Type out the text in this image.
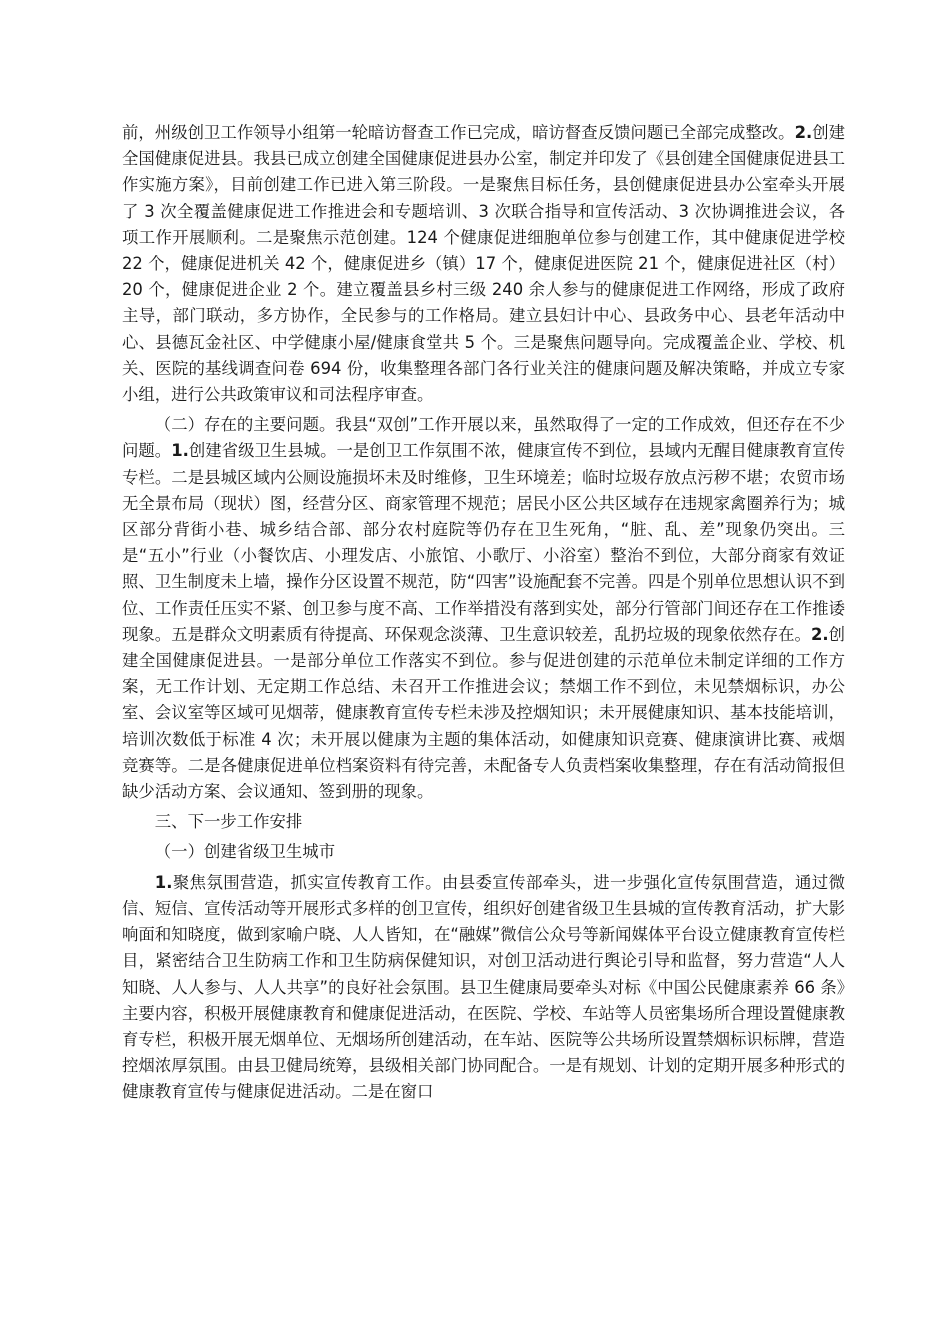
前，州级创卫工作领导小组第一轮暗访督查工作已完成，暗访督查反馈问题已全部完成整改。2.创建全国健康促进县。我县已成立创建全国健康促进县办公室，制定并印发了《县创建全国健康促进县工作实施方案》，目前创建工作已进入第三阶段。一是聚焦目标任务，县创健康促进县办公室牵头开展了 3 次全覆盖健康促进工作推进会和专题培训、3 次联合指导和宣传活动、3 次协调推进会议，各项工作开展顺利。二是聚焦示范创建。124 个健康促进细胞单位参与创建工作，其中健康促进学校 22 个，健康促进机关 42 个，健康促进乡（镇）17 个，健康促进医院 21 个，健康促进社区（村）20 个，健康促进企业 2 个。建立覆盖县乡村三级 240 余人参与的健康促进工作网络，形成了政府主导，部门联动，多方协作，全民参与的工作格局。建立县妇计中心、县政务中心、县老年活动中心、县德瓦金社区、中学健康小屋/健康食堂共 5 个。三是聚焦问题导向。完成覆盖企业、学校、机关、医院的基线调查问卷 694 份，收集整理各部门各行业关注的健康问题及解决策略，并成立专家小组，进行公共政策审议和司法程序审查。

（二）存在的主要问题。我县“双创”工作开展以来，虽然取得了一定的工作成效，但还存在不少问题。1.创建省级卫生县城。一是创卫工作氛围不浓，健康宣传不到位，县域内无醒目健康教育宣传专栏。二是县城区域内公厕设施损坏未及时维修，卫生环境差；临时垃圾存放点污秽不堪；农贸市场无全景布局（现状）图，经营分区、商家管理不规范；居民小区公共区域存在违规家禽圈养行为；城区部分背街小巷、城乡结合部、部分农村庭院等仍存在卫生死角，“脏、乱、差”现象仍突出。三是“五小”行业（小餐饮店、小理发店、小旅馆、小歌厅、小浴室）整治不到位，大部分商家有效证照、卫生制度未上墙，操作分区设置不规范，防“四害”设施配套不完善。四是个别单位思想认识不到位、工作责任压实不紧、创卫参与度不高、工作举措没有落到实处，部分行管部门间还存在工作推诿现象。五是群众文明素质有待提高、环保观念淡薄、卫生意识较差，乱扔垃圾的现象依然存在。2.创建全国健康促进县。一是部分单位工作落实不到位。参与促进创建的示范单位未制定详细的工作方案，无工作计划、无定期工作总结、未召开工作推进会议；禁烟工作不到位，未见禁烟标识，办公室、会议室等区域可见烟蒂，健康教育宣传专栏未涉及控烟知识；未开展健康知识、基本技能培训，培训次数低于标准 4 次；未开展以健康为主题的集体活动，如健康知识竞赛、健康演讲比赛、戒烟竞赛等。二是各健康促进单位档案资料有待完善，未配备专人负责档案收集整理，存在有活动简报但缺少活动方案、会议通知、签到册的现象。

三、下一步工作安排

（一）创建省级卫生城市

1.聚焦氛围营造，抓实宣传教育工作。由县委宣传部牵头，进一步强化宣传氛围营造，通过微信、短信、宣传活动等开展形式多样的创卫宣传，组织好创建省级卫生县城的宣传教育活动，扩大影响面和知晓度，做到家喻户晓、人人皆知，在“融媒”微信公众号等新闻媒体平台设立健康教育宣传栏目，紧密结合卫生防病工作和卫生防病保健知识，对创卫活动进行舆论引导和监督，努力营造“人人知晓、人人参与、人人共享”的良好社会氛围。县卫生健康局要牵头对标《中国公民健康素养 66 条》主要内容，积极开展健康教育和健康促进活动，在医院、学校、车站等人员密集场所合理设置健康教育专栏，积极开展无烟单位、无烟场所创建活动，在车站、医院等公共场所设置禁烟标识标牌，营造控烟浓厚氛围。由县卫健局统筹，县级相关部门协同配合。一是有规划、计划的定期开展多种形式的健康教育宣传与健康促进活动。二是在窗口
